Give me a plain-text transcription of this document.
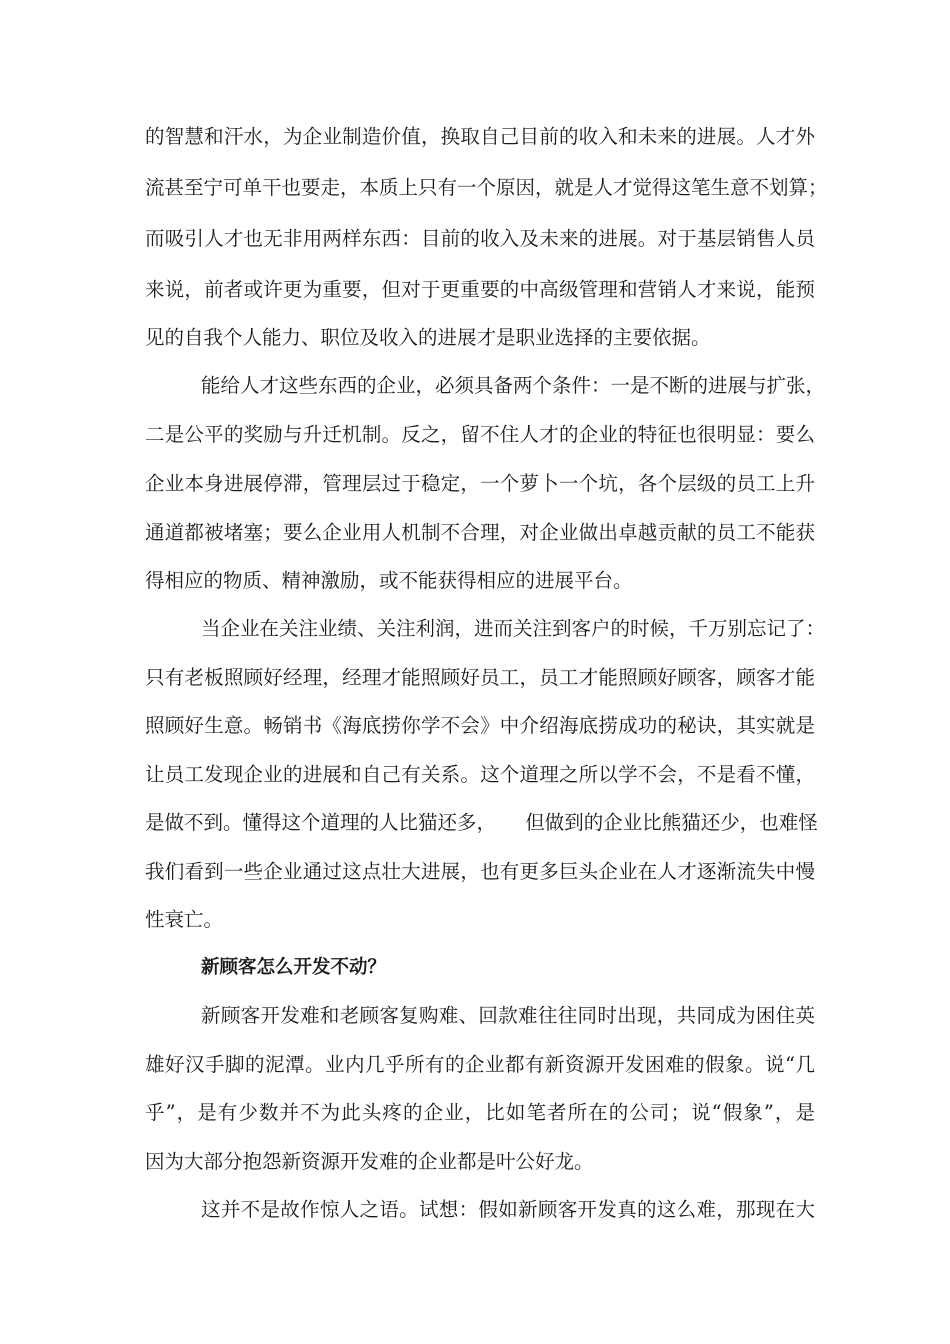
的智慧和汗水，为企业制造价值，换取自己目前的收入和未来的进展。人才外
流甚至宁可单干也要走，本质上只有一个原因，就是人才觉得这笔生意不划算；
而吸引人才也无非用两样东西：目前的收入及未来的进展。对于基层销售人员
来说，前者或许更为重要，但对于更重要的中高级管理和营销人才来说，能预
见的自我个人能力、职位及收入的进展才是职业选择的主要依据。
能给人才这些东西的企业，必须具备两个条件：一是不断的进展与扩张，
二是公平的奖励与升迁机制。反之，留不住人才的企业的特征也很明显：要么
企业本身进展停滞，管理层过于稳定，一个萝卜一个坑，各个层级的员工上升
通道都被堵塞；要么企业用人机制不合理，对企业做出卓越贡献的员工不能获
得相应的物质、精神激励，或不能获得相应的进展平台。
当企业在关注业绩、关注利润，进而关注到客户的时候，千万别忘记了：
只有老板照顾好经理，经理才能照顾好员工，员工才能照顾好顾客，顾客才能
照顾好生意。畅销书《海底捞你学不会》中介绍海底捞成功的秘诀，其实就是
让员工发现企业的进展和自己有关系。这个道理之所以学不会，不是看不懂，
是做不到。懂得这个道理的人比猫还多，　　但做到的企业比熊猫还少，也难怪
我们看到一些企业通过这点壮大进展，也有更多巨头企业在人才逐渐流失中慢
性衰亡。
新顾客怎么开发不动？
新顾客开发难和老顾客复购难、回款难往往同时出现，共同成为困住英
雄好汉手脚的泥潭。业内几乎所有的企业都有新资源开发困难的假象。说“几
乎”，是有少数并不为此头疼的企业，比如笔者所在的公司；说“假象”，是
因为大部分抱怨新资源开发难的企业都是叶公好龙。
这并不是故作惊人之语。试想：假如新顾客开发真的这么难，那现在大
